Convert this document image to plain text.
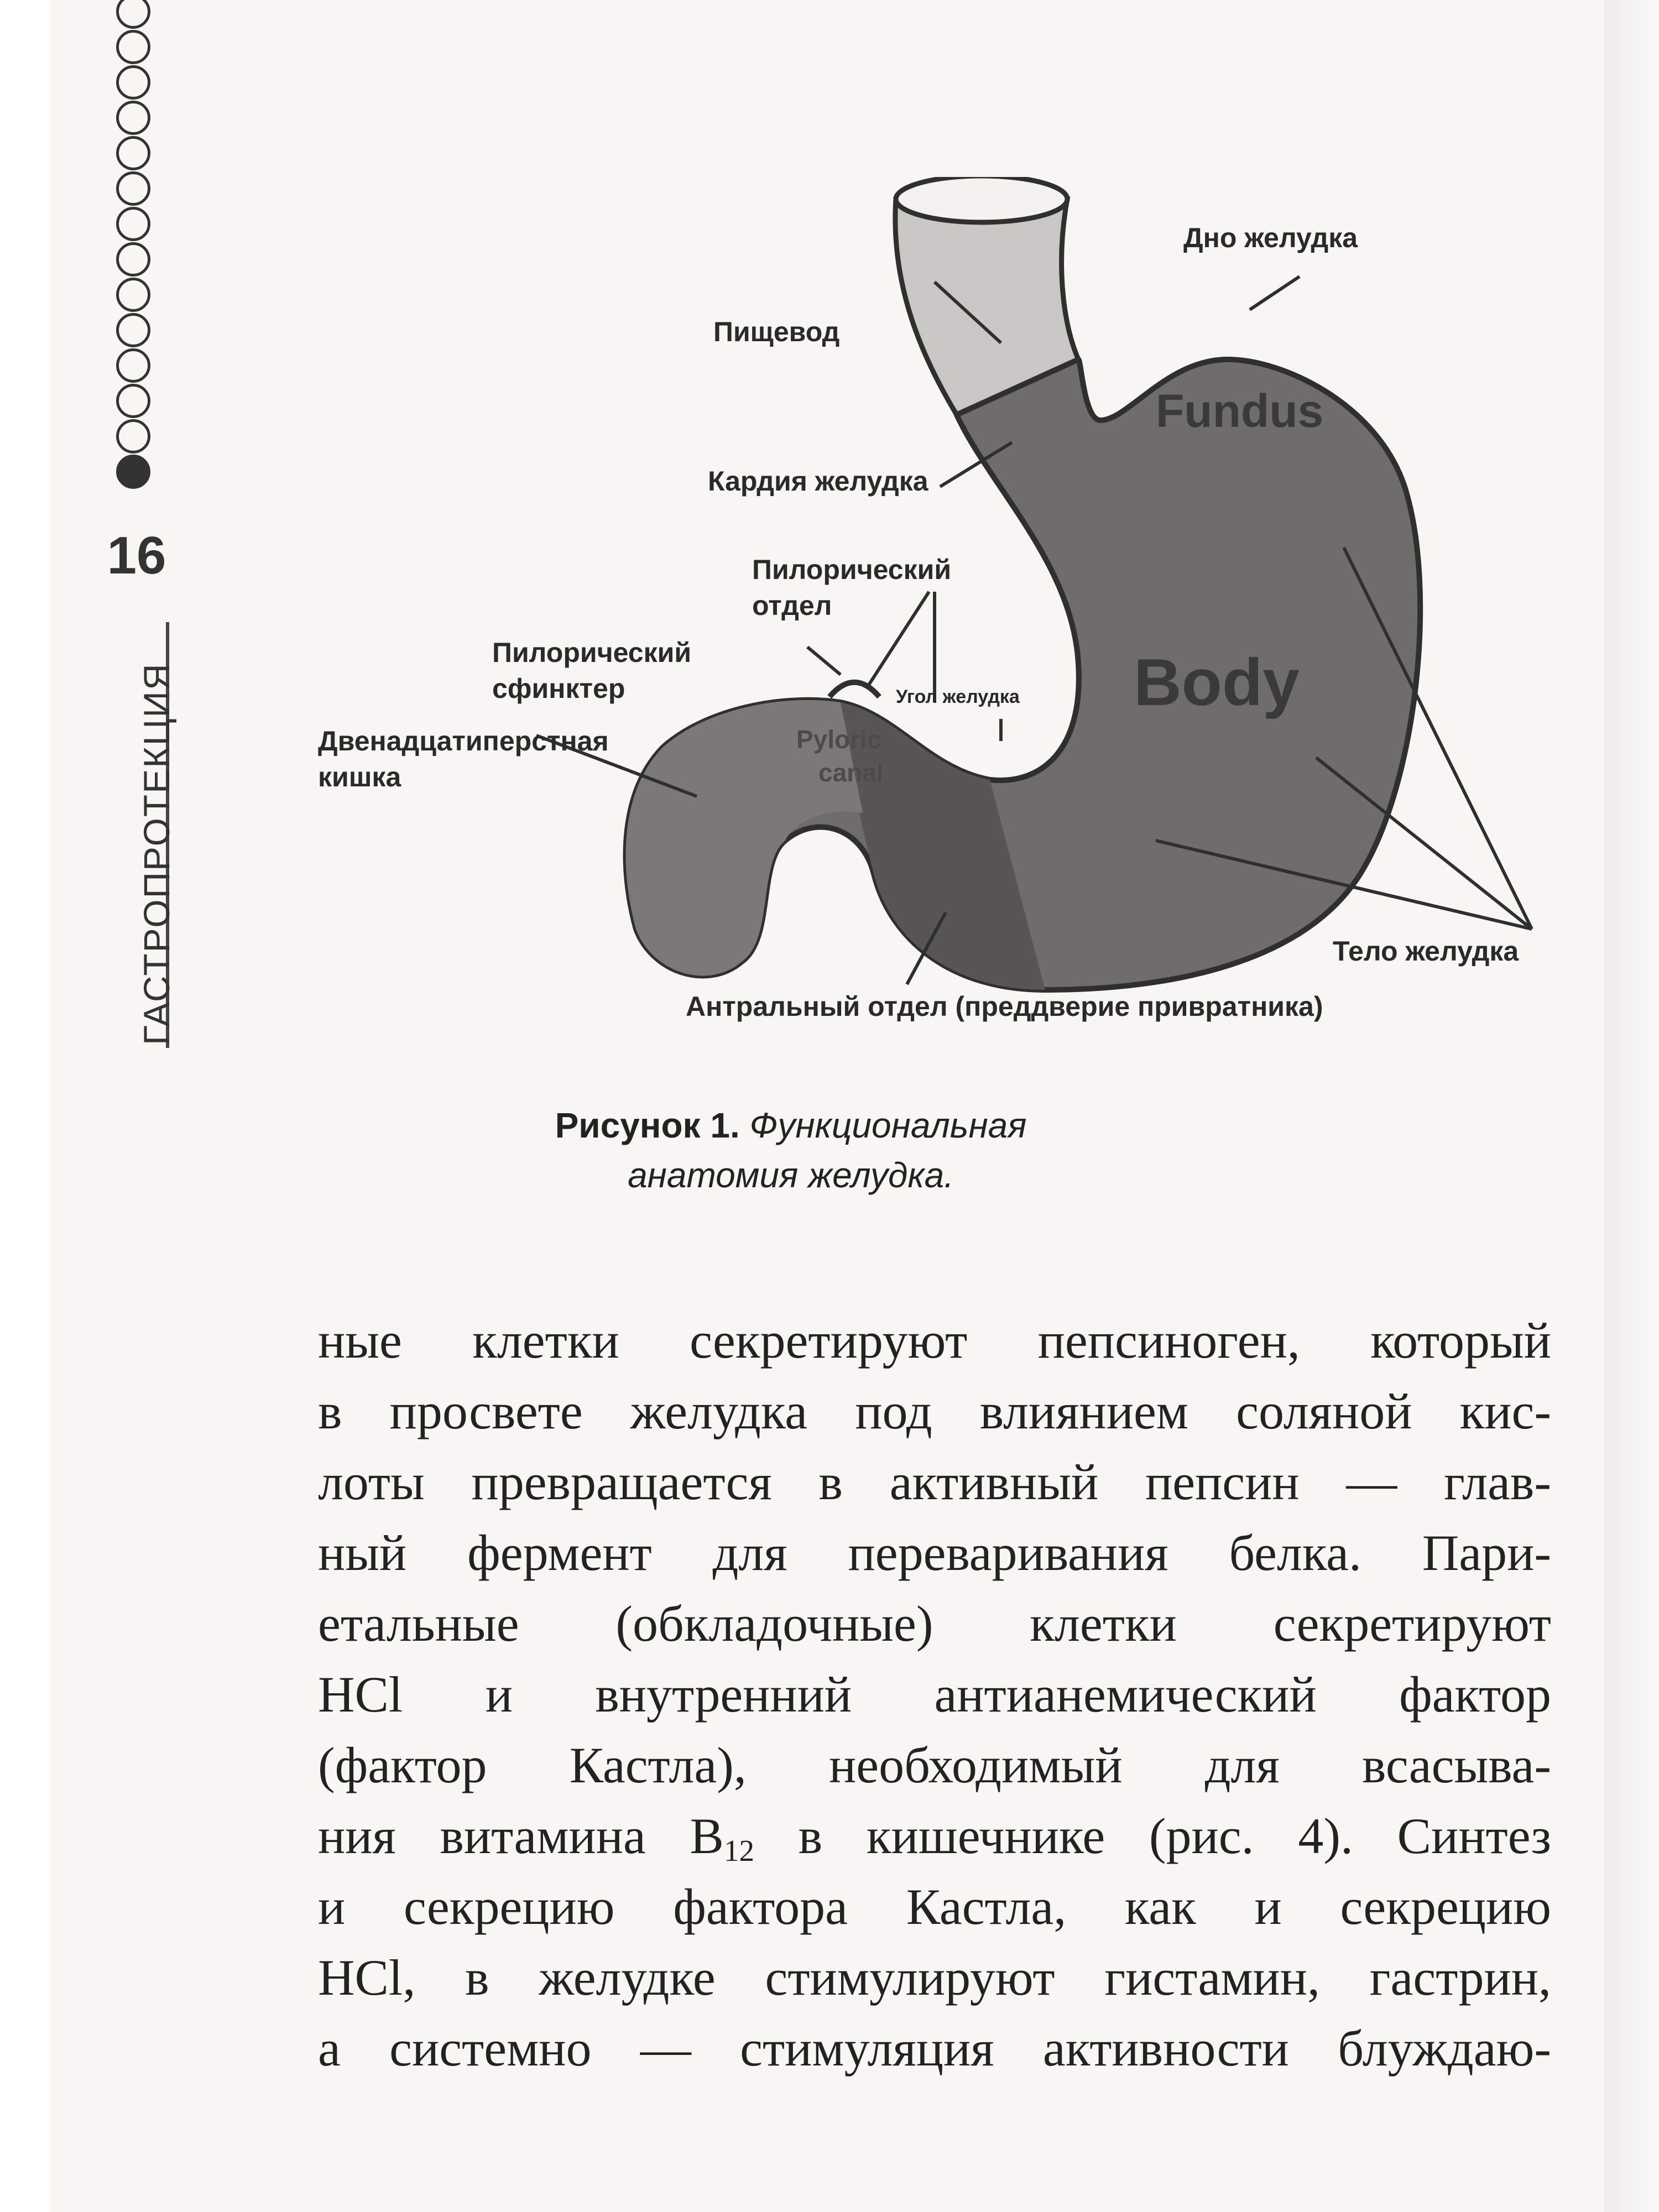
16
ГАСТРОПРОТЕКЦИЯ
Fundus
Body
Pyloric
canal
Дно желудка
Пищевод
Кардия желудка
Пилорический
отдел
Угол желудка
Пилорический
сфинктер
Двенадцатиперстная
кишка
Тело желудка
Антральный отдел (преддверие привратника)
Рисунок 1. Функциональная
анатомия желудка.
ные клетки секретируют пепсиноген, который
в просвете желудка под влиянием соляной кис-
лоты превращается в активный пепсин — глав-
ный фермент для переваривания белка. Пари-
етальные (обкладочные) клетки секретируют
HCl и внутренний антианемический фактор
(фактор Кастла), необходимый для всасыва-
ния витамина $B_{12}$ в кишечнике (рис. 4). Синтез
и секрецию фактора Кастла, как и секрецию
HCl, в желудке стимулируют гистамин, гастрин,
а системно — стимуляция активности блуждаю-
